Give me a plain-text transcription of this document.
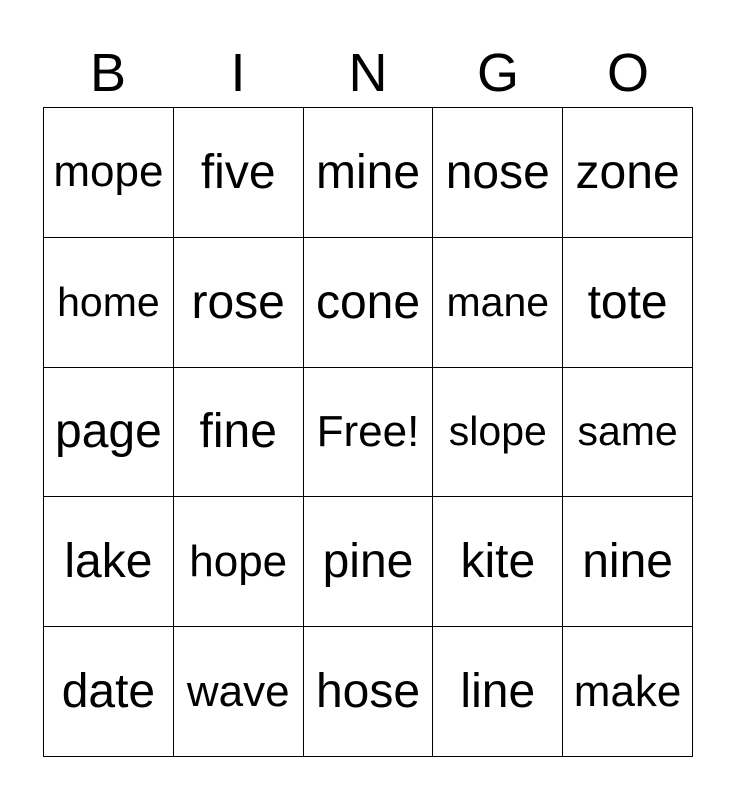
B	I	N	G	O
mope five mine nose zone
home rose cone mane tote
page fine Free! slope same
lake hope pine kite nine
date wave hose line make
